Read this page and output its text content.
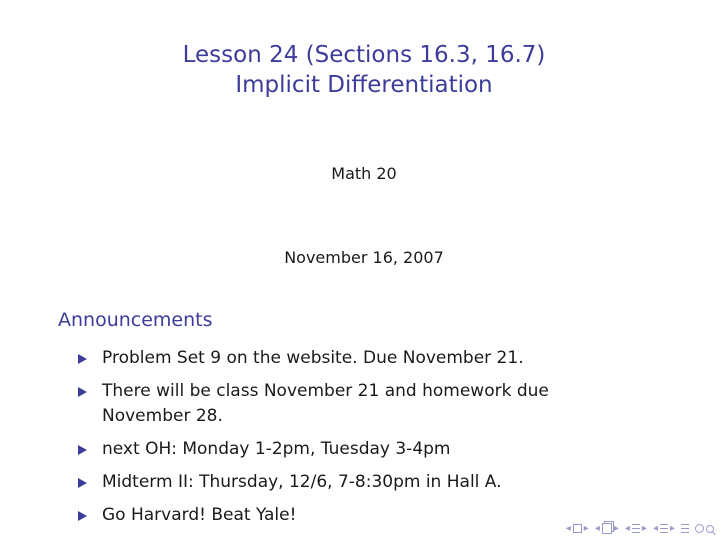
Lesson 24 (Sections 16.3, 16.7)
Implicit Differentiation
Math 20
November 16, 2007
Announcements
Problem Set 9 on the website. Due November 21.
There will be class November 21 and homework due November 28.
next OH: Monday 1-2pm, Tuesday 3-4pm
Midterm II: Thursday, 12/6, 7-8:30pm in Hall A.
Go Harvard! Beat Yale!
◂ ▸ ◂ ▸ ◂ ▸ ◂ ▸
